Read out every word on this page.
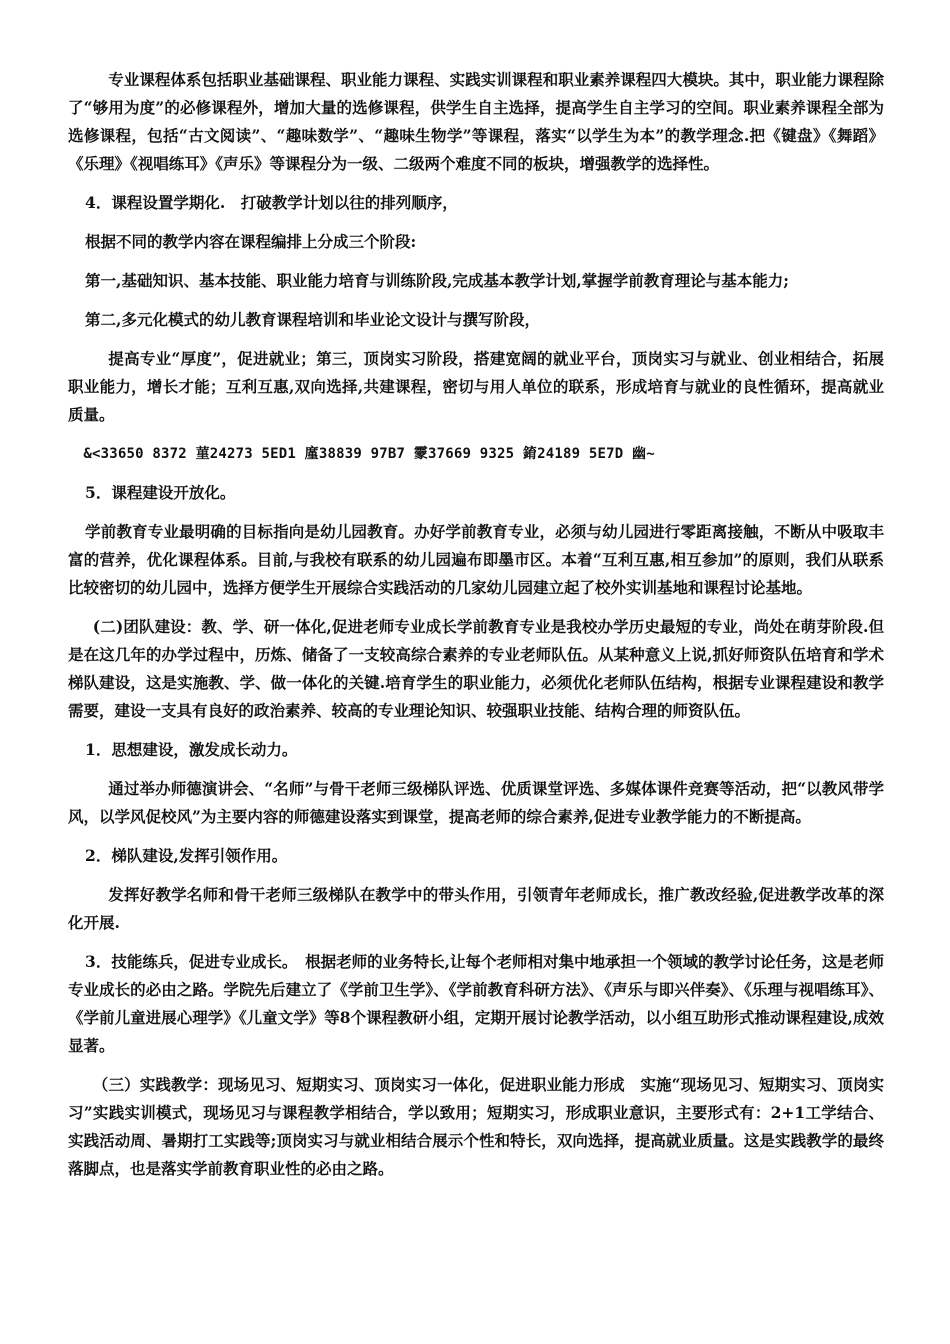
专业课程体系包括职业基础课程、职业能力课程、实践实训课程和职业素养课程四大模块。其中，职业能力课程除了“够用为度”的必修课程外，增加大量的选修课程，供学生自主选择，提高学生自主学习的空间。职业素养课程全部为选修课程，包括“古文阅读”、“趣味数学”、“趣味生物学”等课程，落实“以学生为本”的教学理念.把《键盘》《舞蹈》《乐理》《视唱练耳》《声乐》等课程分为一级、二级两个难度不同的板块，增强教学的选择性。

4．课程设置学期化.　打破教学计划以往的排列顺序，

根据不同的教学内容在课程编排上分成三个阶段:

第一,基础知识、基本技能、职业能力培育与训练阶段,完成基本教学计划,掌握学前教育理论与基本能力;

第二,多元化模式的幼儿教育课程培训和毕业论文设计与撰写阶段，

提高专业“厚度”，促进就业；第三，顶岗实习阶段，搭建宽阔的就业平台，顶岗实习与就业、创业相结合，拓展职业能力，增长才能；互利互惠,双向选择,共建课程，密切与用人单位的联系，形成培育与就业的良性循环，提高就业质量。

&<33650 8372 菫24273 5ED1 廑38839 97B7 霥37669 9325 錥24189 5E7D 幽~

5．课程建设开放化。

学前教育专业最明确的目标指向是幼儿园教育。办好学前教育专业，必须与幼儿园进行零距离接触，不断从中吸取丰富的营养，优化课程体系。目前,与我校有联系的幼儿园遍布即墨市区。本着“互利互惠,相互参加”的原则，我们从联系比较密切的幼儿园中，选择方便学生开展综合实践活动的几家幼儿园建立起了校外实训基地和课程讨论基地。

(二)团队建设：教、学、研一体化,促进老师专业成长学前教育专业是我校办学历史最短的专业，尚处在萌芽阶段.但是在这几年的办学过程中，历炼、储备了一支较高综合素养的专业老师队伍。从某种意义上说,抓好师资队伍培育和学术梯队建设，这是实施教、学、做一体化的关键.培育学生的职业能力，必须优化老师队伍结构，根据专业课程建设和教学需要，建设一支具有良好的政治素养、较高的专业理论知识、较强职业技能、结构合理的师资队伍。

1．思想建设，激发成长动力。

通过举办师德演讲会、“名师”与骨干老师三级梯队评选、优质课堂评选、多媒体课件竞赛等活动，把“以教风带学风，以学风促校风”为主要内容的师德建设落实到课堂，提高老师的综合素养,促进专业教学能力的不断提高。

2．梯队建设,发挥引领作用。

发挥好教学名师和骨干老师三级梯队在教学中的带头作用，引领青年老师成长，推广教改经验,促进教学改革的深化开展.

3．技能练兵，促进专业成长。　根据老师的业务特长,让每个老师相对集中地承担一个领域的教学讨论任务，这是老师专业成长的必由之路。学院先后建立了《学前卫生学》、《学前教育科研方法》、《声乐与即兴伴奏》、《乐理与视唱练耳》、《学前儿童进展心理学》《儿童文学》等8个课程教研小组，定期开展讨论教学活动，以小组互助形式推动课程建设,成效显著。

（三）实践教学：现场见习、短期实习、顶岗实习一体化，促进职业能力形成　实施“现场见习、短期实习、顶岗实习”实践实训模式，现场见习与课程教学相结合，学以致用；短期实习，形成职业意识，主要形式有：2+1工学结合、实践活动周、暑期打工实践等;顶岗实习与就业相结合展示个性和特长，双向选择，提高就业质量。这是实践教学的最终落脚点，也是落实学前教育职业性的必由之路。
